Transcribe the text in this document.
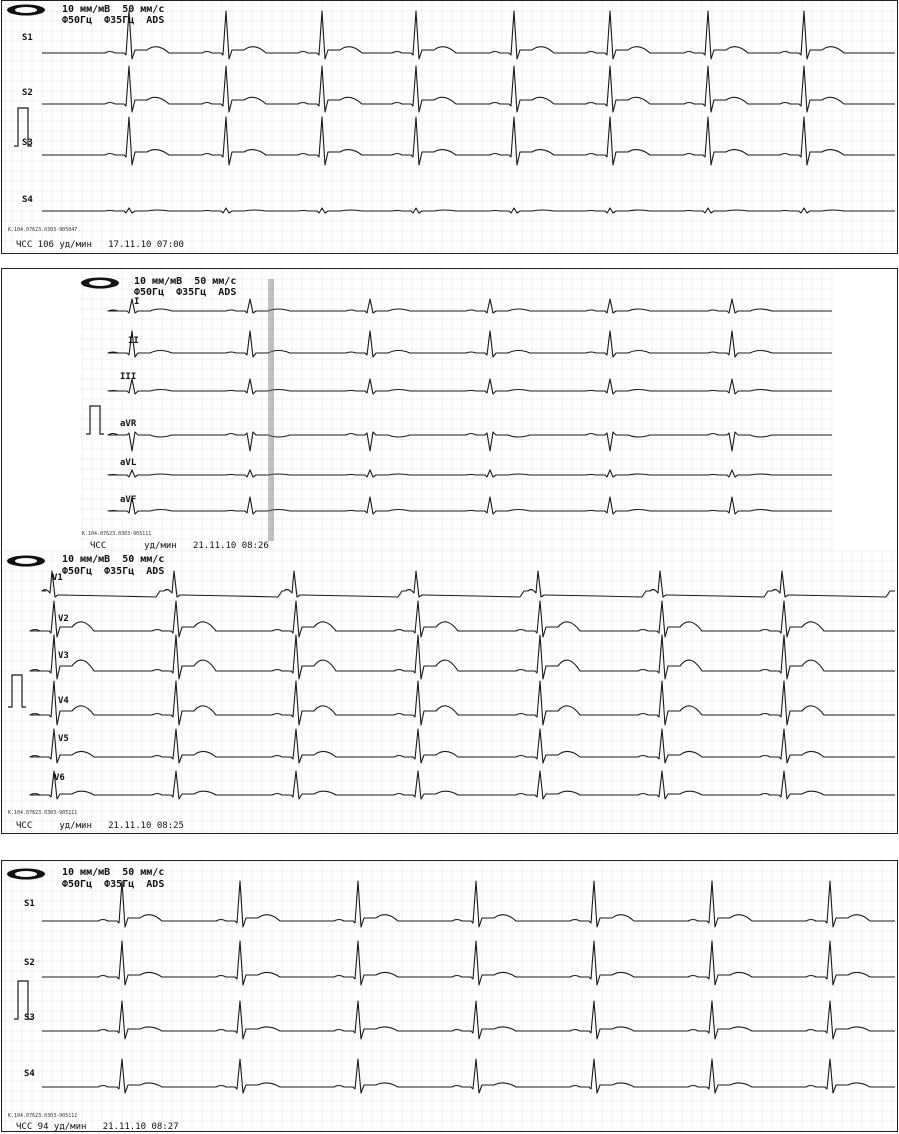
10 мм/мВ  50 мм/с
Ф50Гц  Ф35Гц  ADS
S1
S2
S3
S4
К.104.07623.0303-905047
ЧСС 106 уд/мин   17.11.10 07:00
10 мм/мВ  50 мм/с
Ф50Гц  Ф35Гц  ADS
I
II
III
aVR
aVL
aVF
К.104.07623.0303-905111
ЧСС       уд/мин   21.11.10 08:26
10 мм/мВ  50 мм/с
Ф50Гц  Ф35Гц  ADS
V1
V2
V3
V4
V5
V6
К.104.07623.0303-905111
ЧСС     уд/мин   21.11.10 08:25
10 мм/мВ  50 мм/с
Ф50Гц  Ф35Гц  ADS
S1
S2
S3
S4
К.104.07623.0303-905111
ЧСС 94 уд/мин   21.11.10 08:27
